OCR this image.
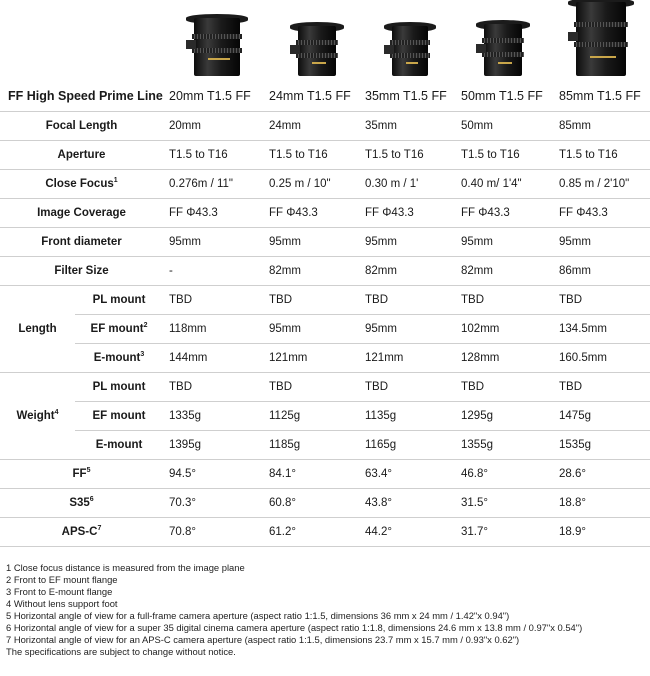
FF High Speed Prime Line		20mm T1.5 FF	24mm T1.5 FF	35mm T1.5 FF	50mm T1.5 FF	85mm T1.5 FF
Focal Length		20mm	24mm	35mm	50mm	85mm
Aperture		T1.5 to T16	T1.5 to T16	T1.5 to T16	T1.5 to T16	T1.5 to T16
Close Focus$^1$		0.276m / 11"	0.25 m / 10"	0.30 m / 1'	0.40 m/ 1'4"	0.85 m / 2'10"
Image Coverage		FF Φ43.3	FF Φ43.3	FF Φ43.3	FF Φ43.3	FF Φ43.3
Front diameter		95mm	95mm	95mm	95mm	95mm
Filter Size		-	82mm	82mm	82mm	86mm
Length	PL mount	TBD	TBD	TBD	TBD	TBD
	EF mount$^2$	118mm	95mm	95mm	102mm	134.5mm
	E-mount$^3$	144mm	121mm	121mm	128mm	160.5mm
Weight$^4$	PL mount	TBD	TBD	TBD	TBD	TBD
	EF mount	1335g	1125g	1135g	1295g	1475g
	E-mount	1395g	1185g	1165g	1355g	1535g
$FF^5$		94.5°	84.1°	63.4°	46.8°	28.6°
$S35^6$		70.3°	60.8°	43.8°	31.5°	18.8°
APS-$C^7$		70.8°	61.2°	44.2°	31.7°	18.9°
1 Close focus distance is measured from the image plane
2 Front to EF mount flange
3 Front to E-mount flange
4 Without lens support foot
5 Horizontal angle of view for a full-frame camera aperture (aspect ratio 1:1.5, dimensions 36 mm x 24 mm / 1.42"x 0.94")
6 Horizontal angle of view for a super 35 digital cinema camera aperture (aspect ratio 1:1.8, dimensions 24.6 mm x 13.8 mm / 0.97"x 0.54")
7 Horizontal angle of view for an APS-C camera aperture (aspect ratio 1:1.5, dimensions 23.7 mm x 15.7 mm / 0.93"x 0.62")
The specifications are subject to change without notice.
